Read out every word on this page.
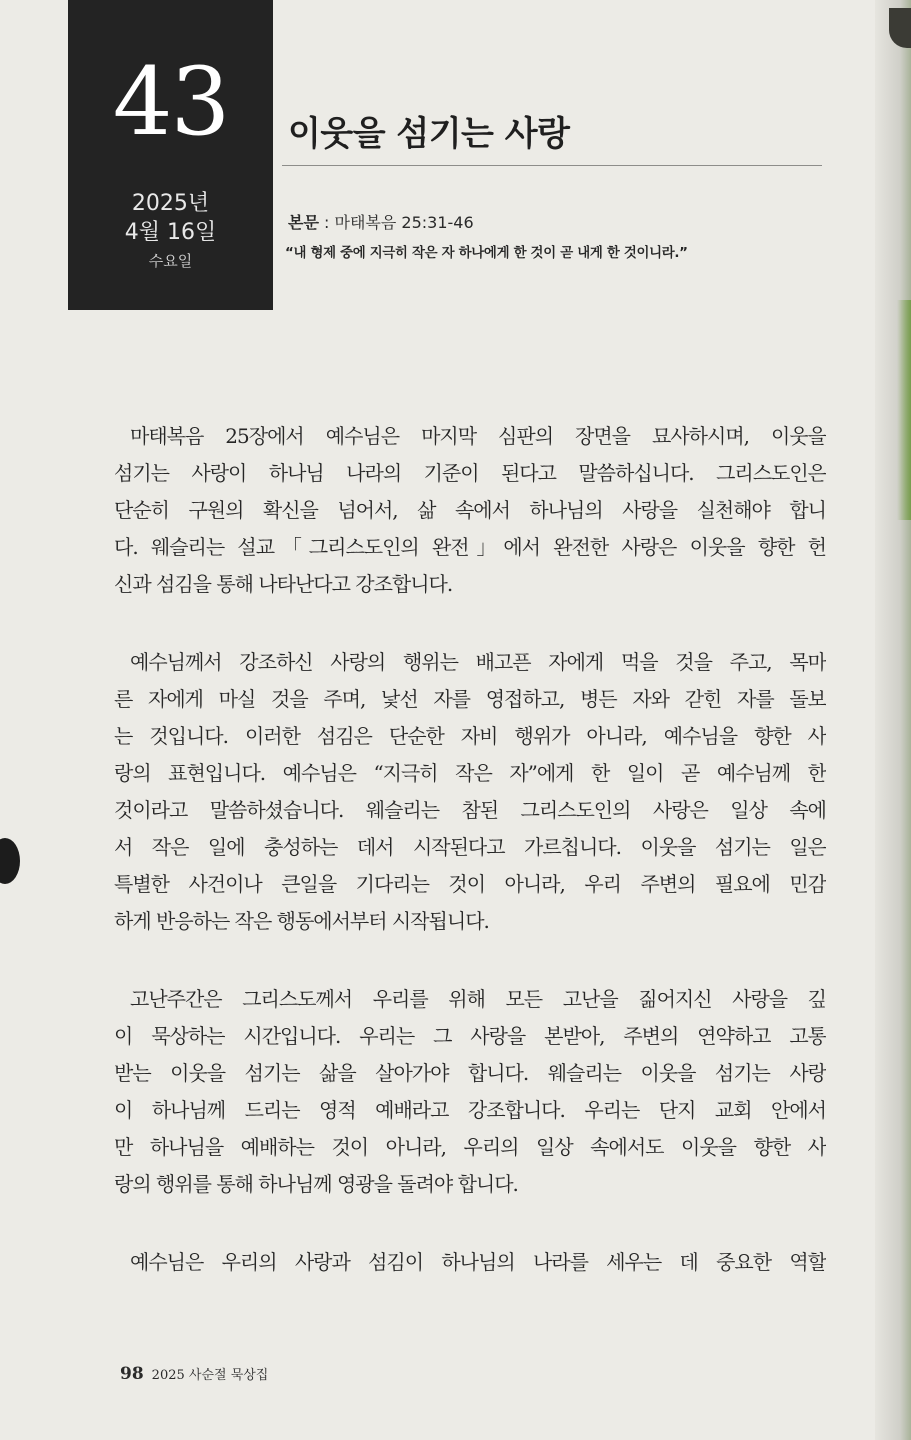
43
2025년
4월 16일
수요일
이웃을 섬기는 사랑
본문 : 마태복음 25:31-46
“내 형제 중에 지극히 작은 자 하나에게 한 것이 곧 내게 한 것이니라.”
마태복음 25장에서 예수님은 마지막 심판의 장면을 묘사하시며, 이웃을
섬기는 사랑이 하나님 나라의 기준이 된다고 말씀하십니다. 그리스도인은
단순히 구원의 확신을 넘어서, 삶 속에서 하나님의 사랑을 실천해야 합니
다. 웨슬리는 설교「그리스도인의 완전」에서 완전한 사랑은 이웃을 향한 헌
신과 섬김을 통해 나타난다고 강조합니다.
예수님께서 강조하신 사랑의 행위는 배고픈 자에게 먹을 것을 주고, 목마
른 자에게 마실 것을 주며, 낯선 자를 영접하고, 병든 자와 갇힌 자를 돌보
는 것입니다. 이러한 섬김은 단순한 자비 행위가 아니라, 예수님을 향한 사
랑의 표현입니다. 예수님은 “지극히 작은 자”에게 한 일이 곧 예수님께 한
것이라고 말씀하셨습니다. 웨슬리는 참된 그리스도인의 사랑은 일상 속에
서 작은 일에 충성하는 데서 시작된다고 가르칩니다. 이웃을 섬기는 일은
특별한 사건이나 큰일을 기다리는 것이 아니라, 우리 주변의 필요에 민감
하게 반응하는 작은 행동에서부터 시작됩니다.
고난주간은 그리스도께서 우리를 위해 모든 고난을 짊어지신 사랑을 깊
이 묵상하는 시간입니다. 우리는 그 사랑을 본받아, 주변의 연약하고 고통
받는 이웃을 섬기는 삶을 살아가야 합니다. 웨슬리는 이웃을 섬기는 사랑
이 하나님께 드리는 영적 예배라고 강조합니다. 우리는 단지 교회 안에서
만 하나님을 예배하는 것이 아니라, 우리의 일상 속에서도 이웃을 향한 사
랑의 행위를 통해 하나님께 영광을 돌려야 합니다.
예수님은 우리의 사랑과 섬김이 하나님의 나라를 세우는 데 중요한 역할
98 2025 사순절 묵상집
